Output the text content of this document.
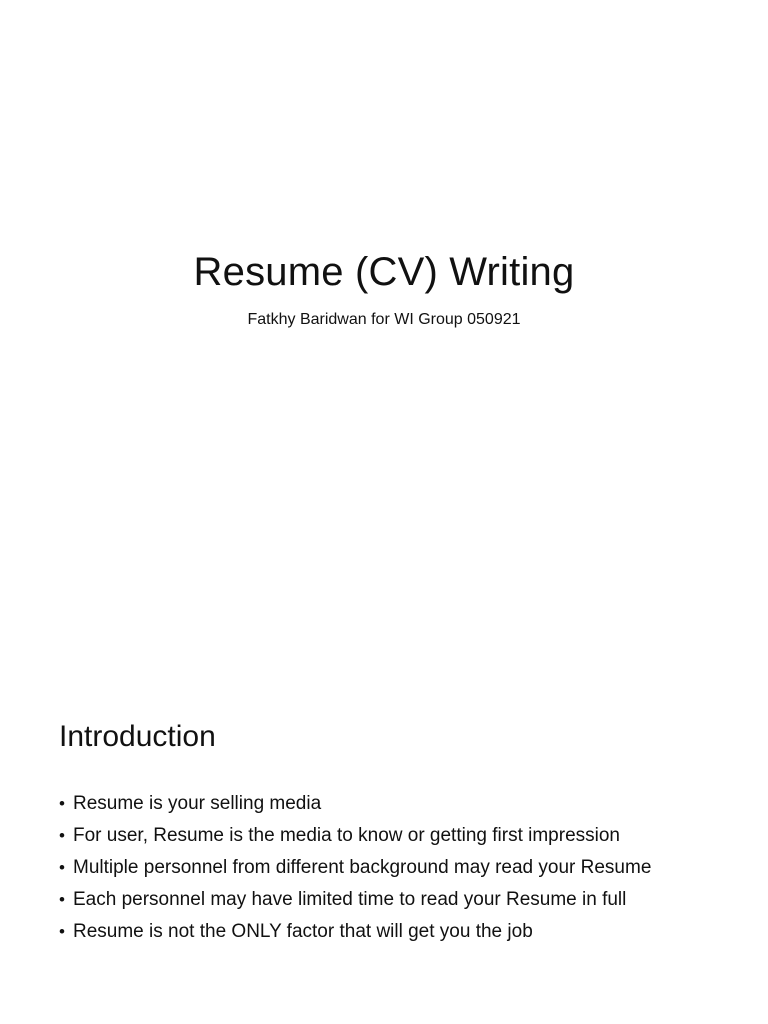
Resume (CV) Writing
Fatkhy Baridwan for WI Group 050921
Introduction
• Resume is your selling media
• For user, Resume is the media to know or getting first impression
• Multiple personnel from different background may read your Resume
• Each personnel may have limited time to read your Resume in full
• Resume is not the ONLY factor that will get you the job
